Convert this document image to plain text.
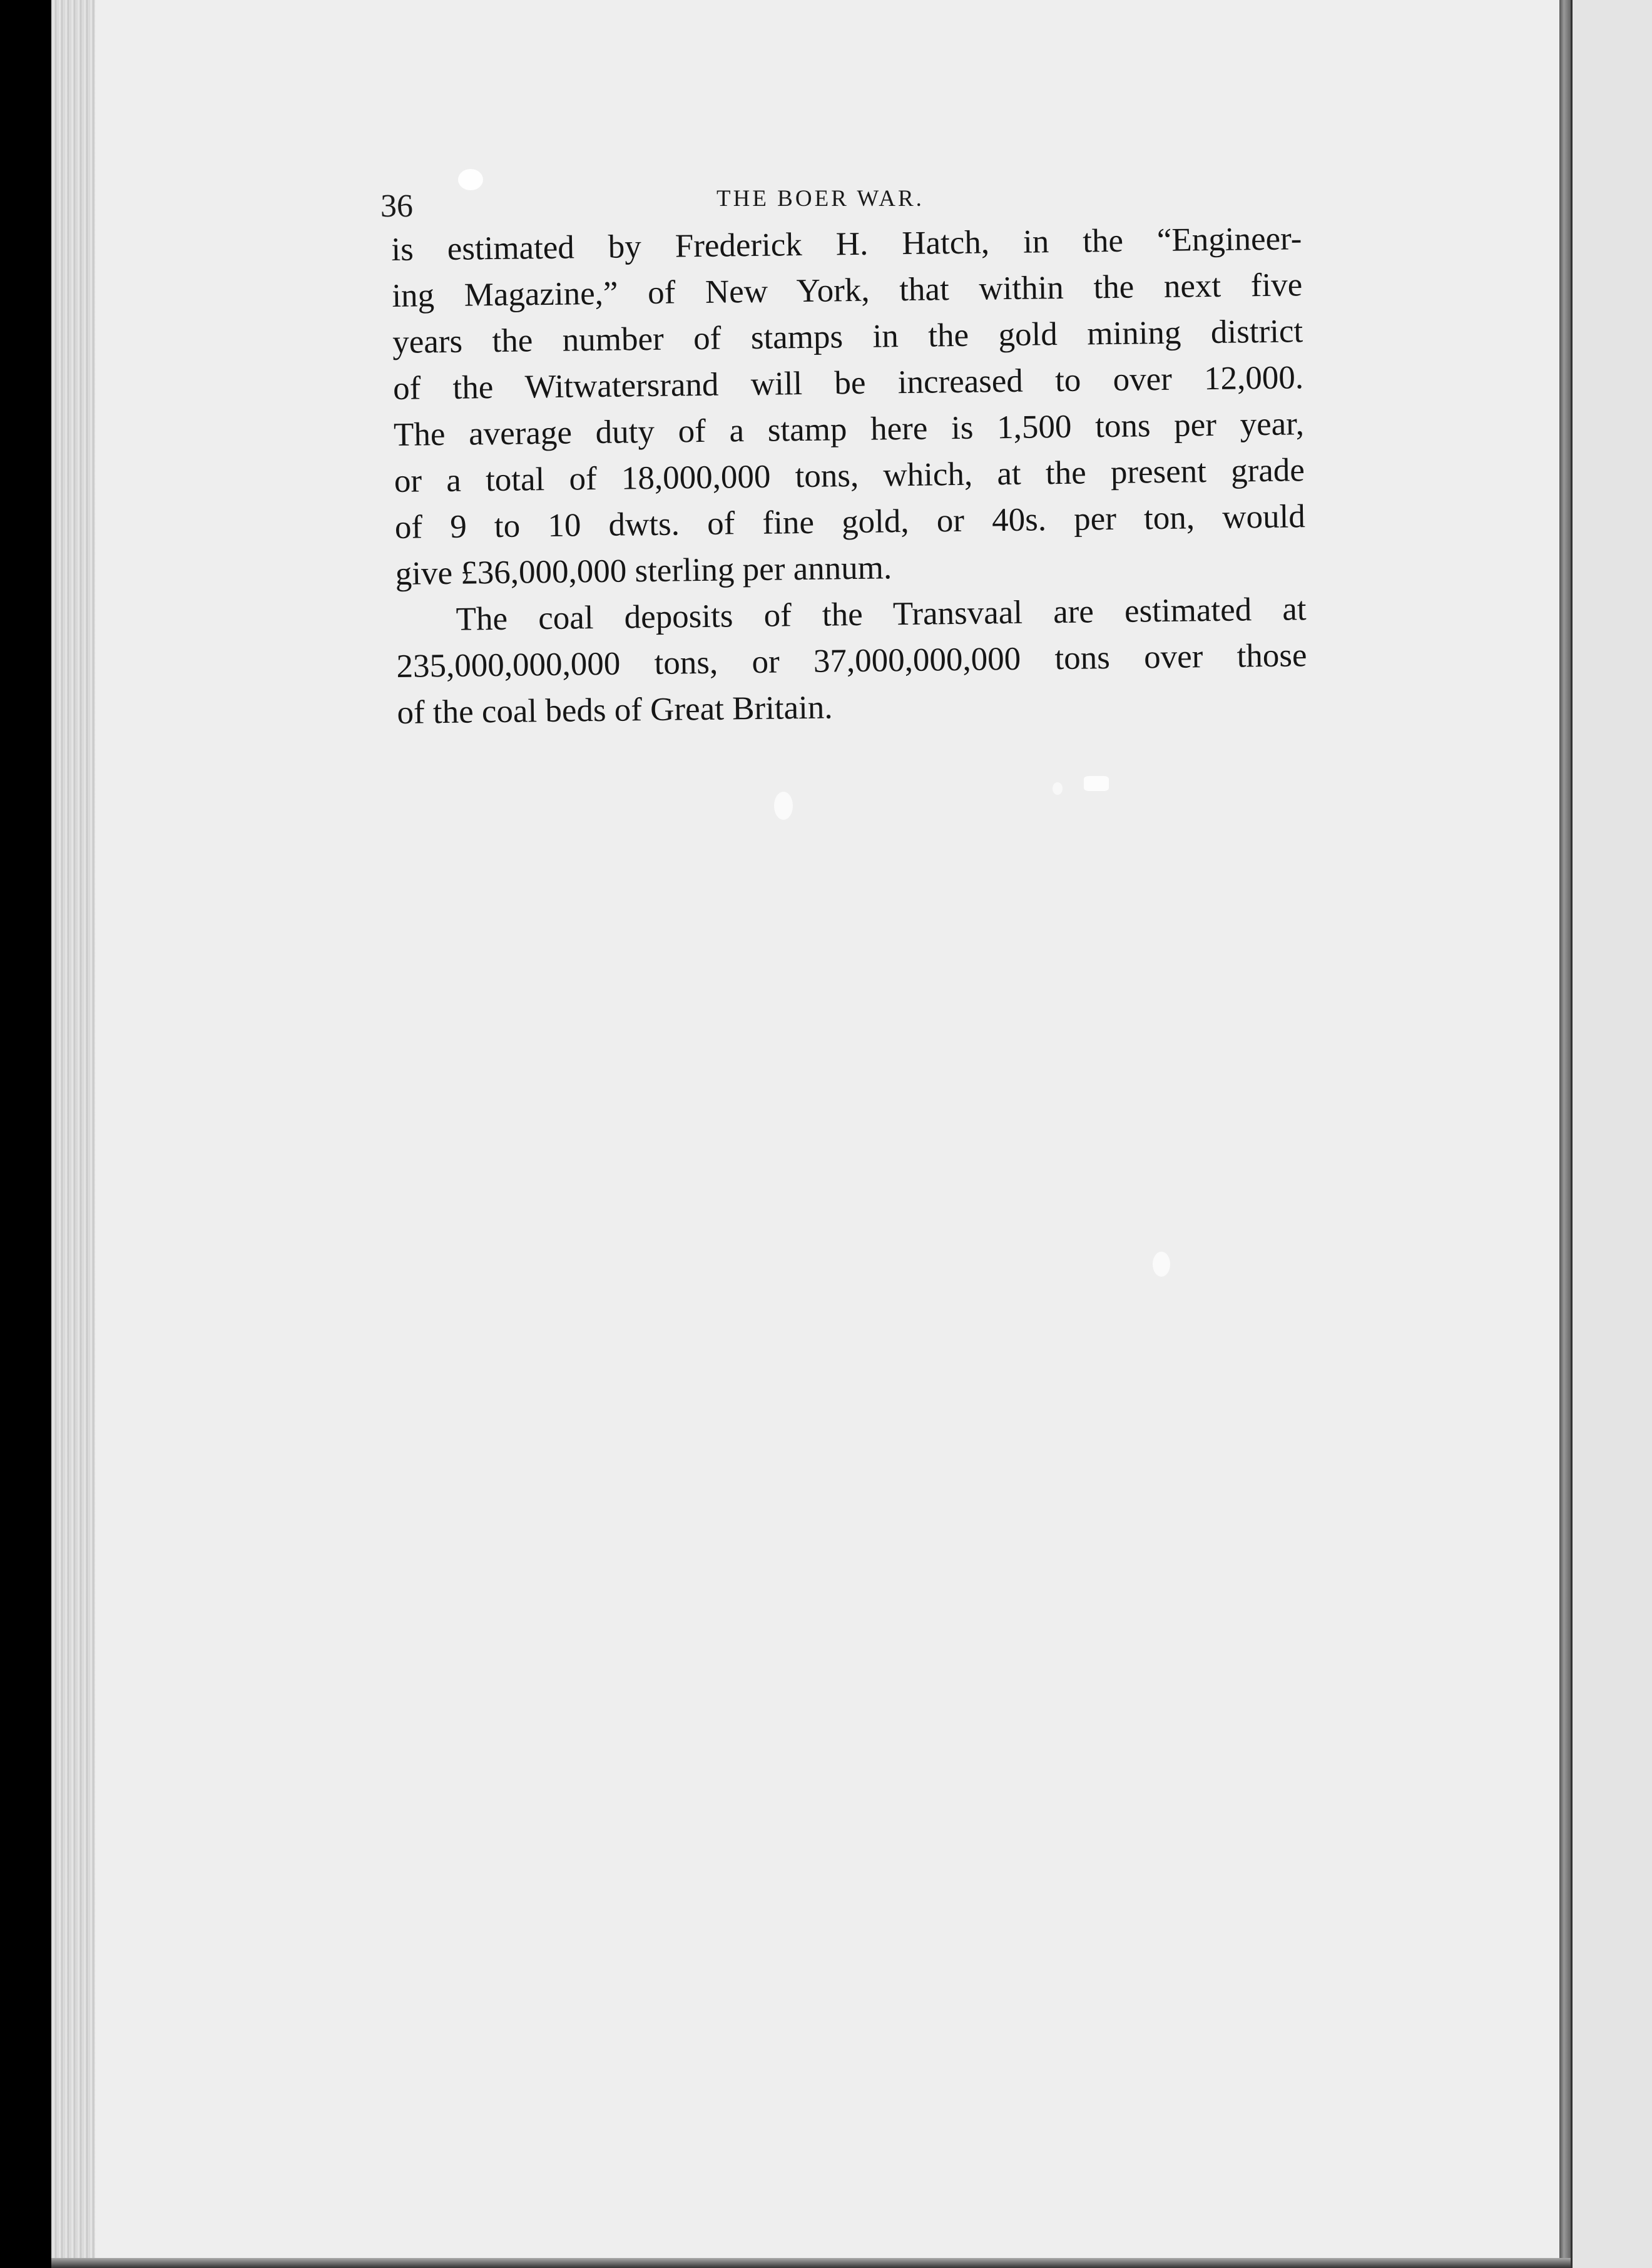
36	THE BOER WAR.
is estimated by Frederick H. Hatch, in the “Engineer-
ing Magazine,” of New York, that within the next five
years the number of stamps in the gold mining district
of the Witwatersrand will be increased to over 12,000.
The average duty of a stamp here is 1,500 tons per year,
or a total of 18,000,000 tons, which, at the present grade
of 9 to 10 dwts. of fine gold, or 40s. per ton, would
give £36,000,000 sterling per annum.
The coal deposits of the Transvaal are estimated at
235,000,000,000 tons, or 37,000,000,000 tons over those
of the coal beds of Great Britain.
